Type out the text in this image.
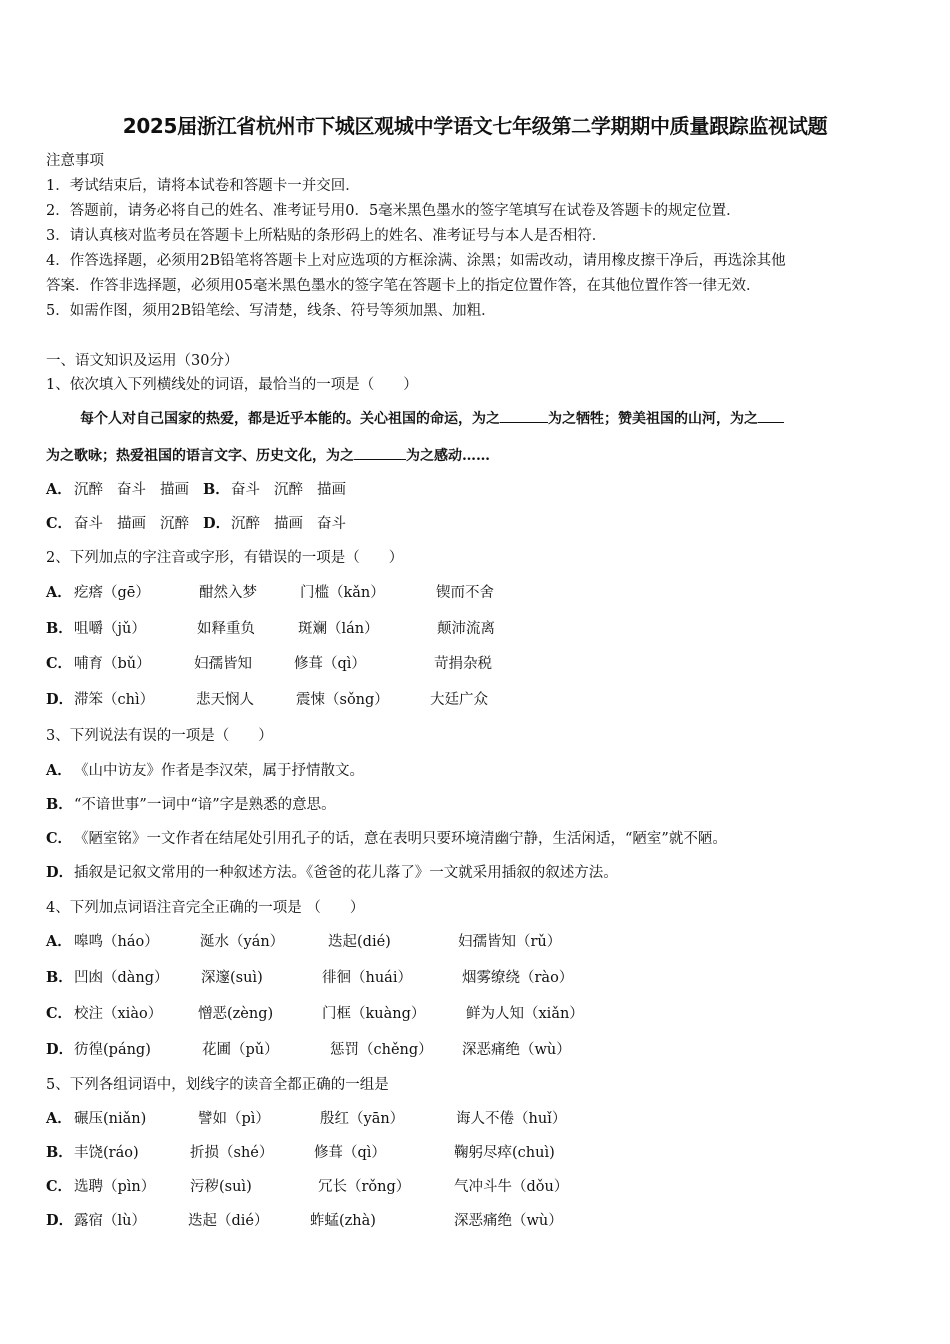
2025届浙江省杭州市下城区观城中学语文七年级第二学期期中质量跟踪监视试题
注意事项
1．考试结束后，请将本试卷和答题卡一并交回．
2．答题前，请务必将自己的姓名、准考证号用0．5毫米黑色墨水的签字笔填写在试卷及答题卡的规定位置．
3．请认真核对监考员在答题卡上所粘贴的条形码上的姓名、准考证号与本人是否相符．
4．作答选择题，必须用2B铅笔将答题卡上对应选项的方框涂满、涂黑；如需改动，请用橡皮擦干净后，再选涂其他
答案．作答非选择题，必须用05毫米黑色墨水的签字笔在答题卡上的指定位置作答，在其他位置作答一律无效．
5．如需作图，须用2B铅笔绘、写清楚，线条、符号等须加黑、加粗．
一、语文知识及运用（30分）
1、依次填入下列横线处的词语，最恰当的一项是（　　）
每个人对自己国家的热爱，都是近乎本能的。关心祖国的命运，为之	为之牺牲；赞美祖国的山河，为之
为之歌咏；热爱祖国的语言文字、历史文化，为之	为之感动……
A． 沉醉 奋斗 描画 B．奋斗 沉醉 描画
C． 奋斗 描画 沉醉 D．沉醉 描画 奋斗
2、下列加点的字注音或字形，有错误的一项是（　　）
A． 疙瘩（gē）	酣然入梦	门槛（kǎn）	锲而不舍
B． 咀嚼（jǔ）	如释重负	斑斓（lán）	颠沛流离
C． 哺育（bǔ）	妇孺皆知	修葺（qì）	苛捐杂税
D． 滞笨（chì）	悲天悯人	震悚（sǒng）	大廷广众
3、下列说法有误的一项是（　　）
A． 《山中访友》作者是李汉荣，属于抒情散文。
B．“不谙世事”一词中“谙”字是熟悉的意思。
C． 《陋室铭》一文作者在结尾处引用孔子的话，意在表明只要环境清幽宁静，生活闲适，“陋室”就不陋。
D．插叙是记叙文常用的一种叙述方法。《爸爸的花儿落了》一文就采用插叙的叙述方法。
4、下列加点词语注音完全正确的一项是 （　　）
A． 嗥鸣（háo）	涎水（yán）	迭起(dié)	妇孺皆知（rǔ）
B． 凹凼（dàng） 深邃(suì)	徘徊（huái）	烟雾缭绕（rào）
C． 校注（xiào） 憎恶(zèng)	门框（kuàng）	鲜为人知（xiǎn）
D． 彷徨(páng)	花圃（pǔ）	惩罚（chěng） 深恶痛绝（wù）
5、下列各组词语中，划线字的读音全都正确的一组是
A． 碾压(niǎn)	譬如（pì）	殷红（yān）	诲人不倦（huǐ）
B． 丰饶(ráo)	折损（shé）	修葺（qì）	鞠躬尽瘁(chuì)
C． 选聘（pìn） 污秽(suì)	冗长（rǒng）	气冲斗牛（dǒu）
D． 露宿（lù）	迭起（dié）	蚱蜢(zhà)	深恶痛绝（wù）
